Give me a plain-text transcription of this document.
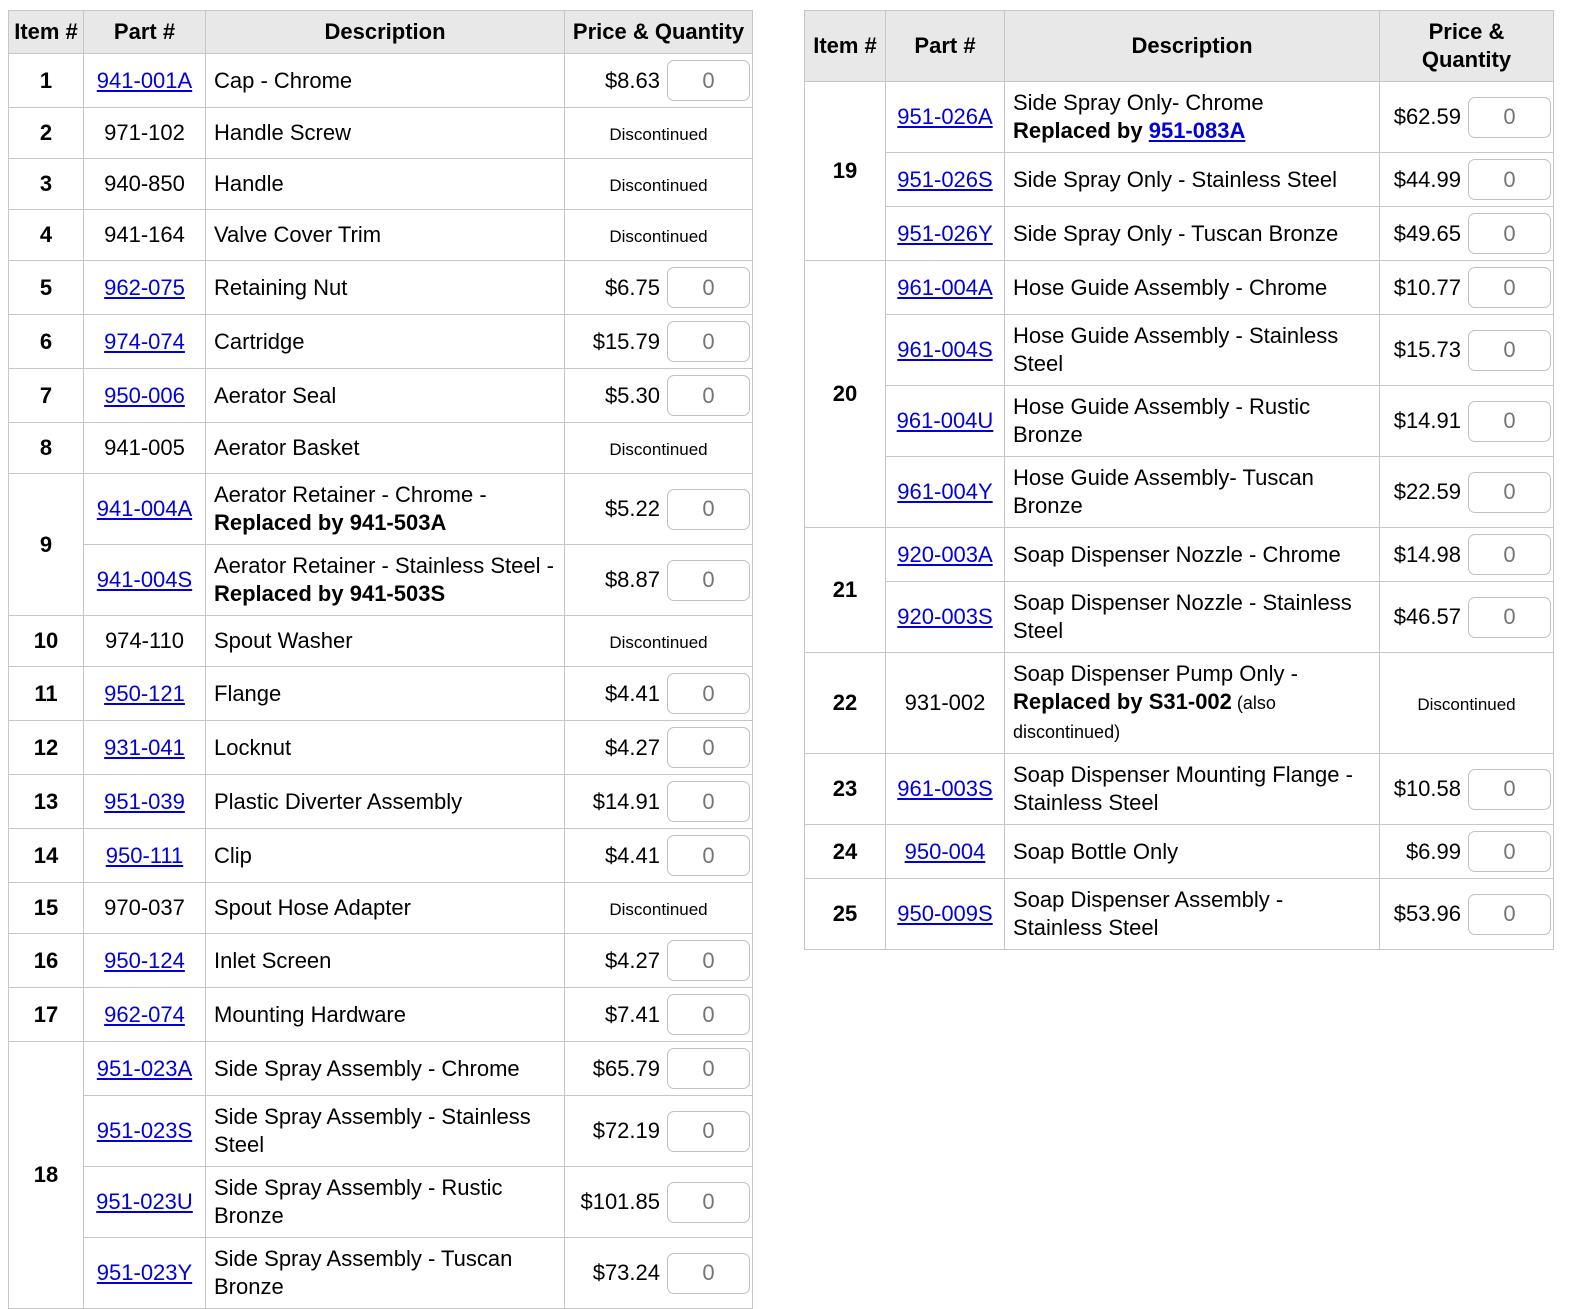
Item #	Part #	Description	Price & Quantity
1	941-001A	Cap - Chrome	$8.63
0

2	971-102	Handle Screw	Discontinued
3	940-850	Handle	Discontinued
4	941-164	Valve Cover Trim	Discontinued
5	962-075	Retaining Nut	$6.75
0

6	974-074	Cartridge	$15.79
0

7	950-006	Aerator Seal	$5.30
0

8	941-005	Aerator Basket	Discontinued
9	941-004A	Aerator Retainer - Chrome - Replaced by 941-503A	$5.22
0

	941-004S	Aerator Retainer - Stainless Steel - Replaced by 941-503S	$8.87
0

10	974-110	Spout Washer	Discontinued
11	950-121	Flange	$4.41
0

12	931-041	Locknut	$4.27
0

13	951-039	Plastic Diverter Assembly	$14.91
0

14	950-111	Clip	$4.41
0

15	970-037	Spout Hose Adapter	Discontinued
16	950-124	Inlet Screen	$4.27
0

17	962-074	Mounting Hardware	$7.41
0

18	951-023A	Side Spray Assembly - Chrome	$65.79
0

	951-023S	Side Spray Assembly - Stainless Steel	$72.19
0

	951-023U	Side Spray Assembly - Rustic Bronze	$101.85
0

	951-023Y	Side Spray Assembly - Tuscan Bronze	$73.24
0
Item #	Part #	Description	Price & Quantity
19	951-026A	Side Spray Only- Chrome
Replaced by 951-083A	$62.59
0

	951-026S	Side Spray Only - Stainless Steel	$44.99
0

	951-026Y	Side Spray Only - Tuscan Bronze	$49.65
0

20	961-004A	Hose Guide Assembly - Chrome	$10.77
0

	961-004S	Hose Guide Assembly - Stainless Steel	$15.73
0

	961-004U	Hose Guide Assembly - Rustic Bronze	$14.91
0

	961-004Y	Hose Guide Assembly- Tuscan Bronze	$22.59
0

21	920-003A	Soap Dispenser Nozzle - Chrome	$14.98
0

	920-003S	Soap Dispenser Nozzle - Stainless Steel	$46.57
0

22	931-002	Soap Dispenser Pump Only - Replaced by S31-002 (also discontinued)	Discontinued
23	961-003S	Soap Dispenser Mounting Flange - Stainless Steel	$10.58
0

24	950-004	Soap Bottle Only	$6.99
0

25	950-009S	Soap Dispenser Assembly - Stainless Steel	$53.96
0
